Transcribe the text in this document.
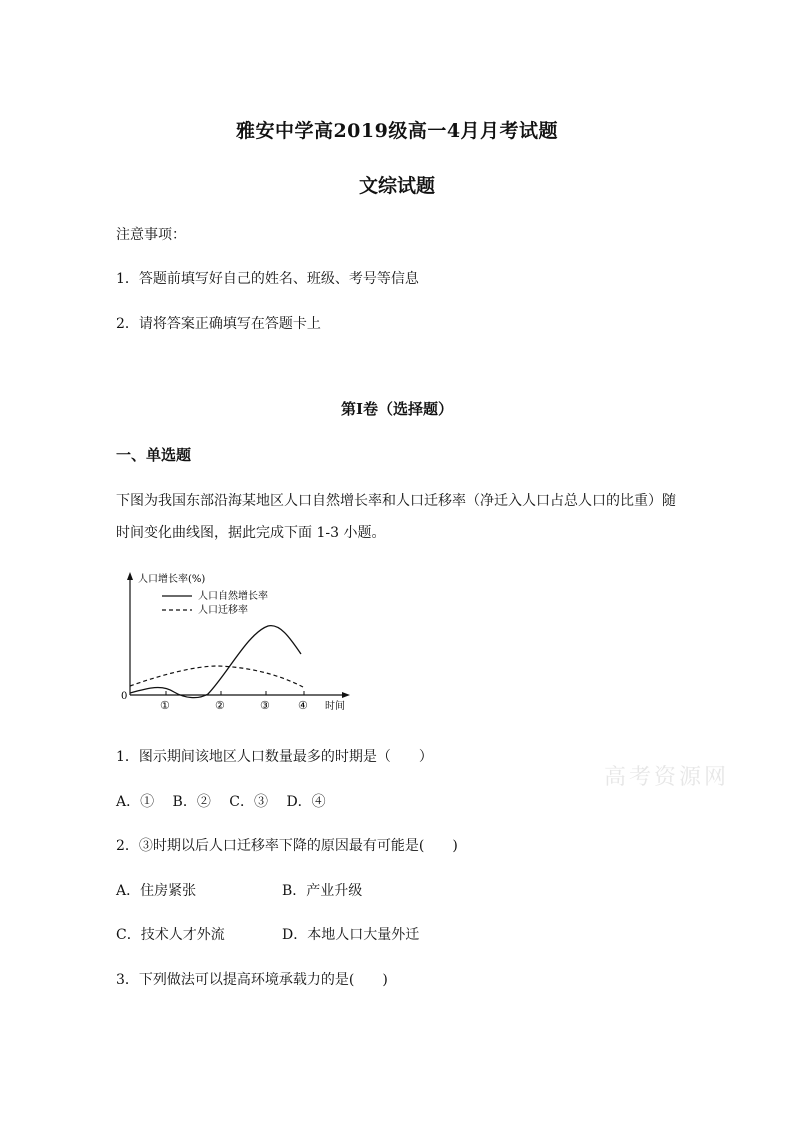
雅安中学高2019级高一4月月考试题
文综试题
注意事项：
1．答题前填写好自己的姓名、班级、考号等信息
2．请将答案正确填写在答题卡上
第I卷（选择题）
一、单选题
下图为我国东部沿海某地区人口自然增长率和人口迁移率（净迁入人口占总人口的比重）随
时间变化曲线图，据此完成下面 1-3 小题。
人口增长率(%)
0
时间
人口自然增长率
人口迁移率
①	②	③	④
1．图示期间该地区人口数量最多的时期是（　　）
A．①　 B．②　 C．③　 D．④
2．③时期以后人口迁移率下降的原因最有可能是(　　)
A．住房紧张	B．产业升级
C．技术人才外流	D．本地人口大量外迁
3．下列做法可以提高环境承载力的是(　　)
高考资源网
